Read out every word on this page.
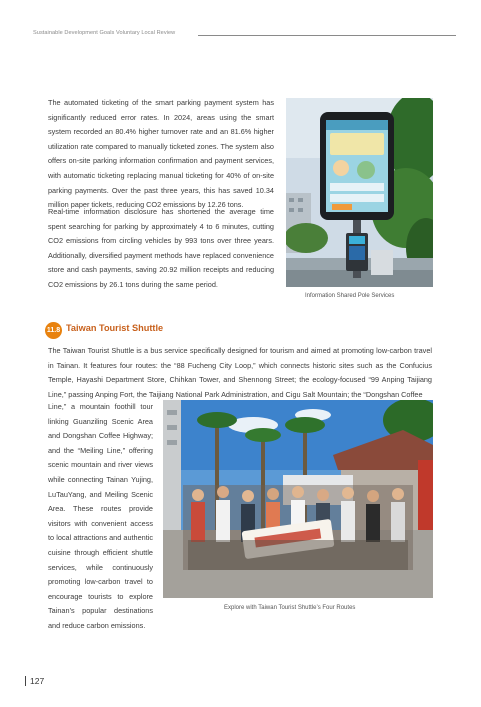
Sustainable Development Goals Voluntary Local Review

The automated ticketing of the smart parking payment system has significantly reduced error rates. In 2024, areas using the smart system recorded an 80.4% higher turnover rate and an 81.6% higher utilization rate compared to manually ticketed zones. The system also offers on-site parking information confirmation and payment services, with automatic ticketing replacing manual ticketing for 40% of on-site parking payments. Over the past three years, this has saved 10.34 million paper tickets, reducing CO2 emissions by 12.26 tons.

Real-time information disclosure has shortened the average time spent searching for parking by approximately 4 to 6 minutes, cutting CO2 emissions from circling vehicles by 993 tons over three years. Additionally, diversified payment methods have replaced convenience store and cash payments, saving 20.92 million receipts and reducing CO2 emissions by 26.1 tons during the same period.

Information Shared Pole Services
11.8 Taiwan Tourist Shuttle

The Taiwan Tourist Shuttle is a bus service specifically designed for tourism and aimed at promoting low-carbon travel in Tainan. It features four routes: the “88 Fucheng City Loop,” which connects historic sites such as the Confucius Temple, Hayashi Department Store, Chihkan Tower, and Shennong Street; the ecology-focused “99 Anping Taijiang Line,” passing Anping Fort, the Taijiang National Park Administration, and Cigu Salt Mountain; the “Dongshan Coffee

Line,” a mountain foothill tour linking Guanziling Scenic Area and Dongshan Coffee Highway; and the “Meiling Line,” offering scenic mountain and river views while connecting Tainan Yujing, LuTauYang, and Meiling Scenic Area. These routes provide visitors with convenient access to local attractions and authentic cuisine through efficient shuttle services, while continuously promoting low-carbon travel to encourage tourists to explore Tainan’s popular destinations and reduce carbon emissions.

Explore with Taiwan Tourist Shuttle’s Four Routes
127
